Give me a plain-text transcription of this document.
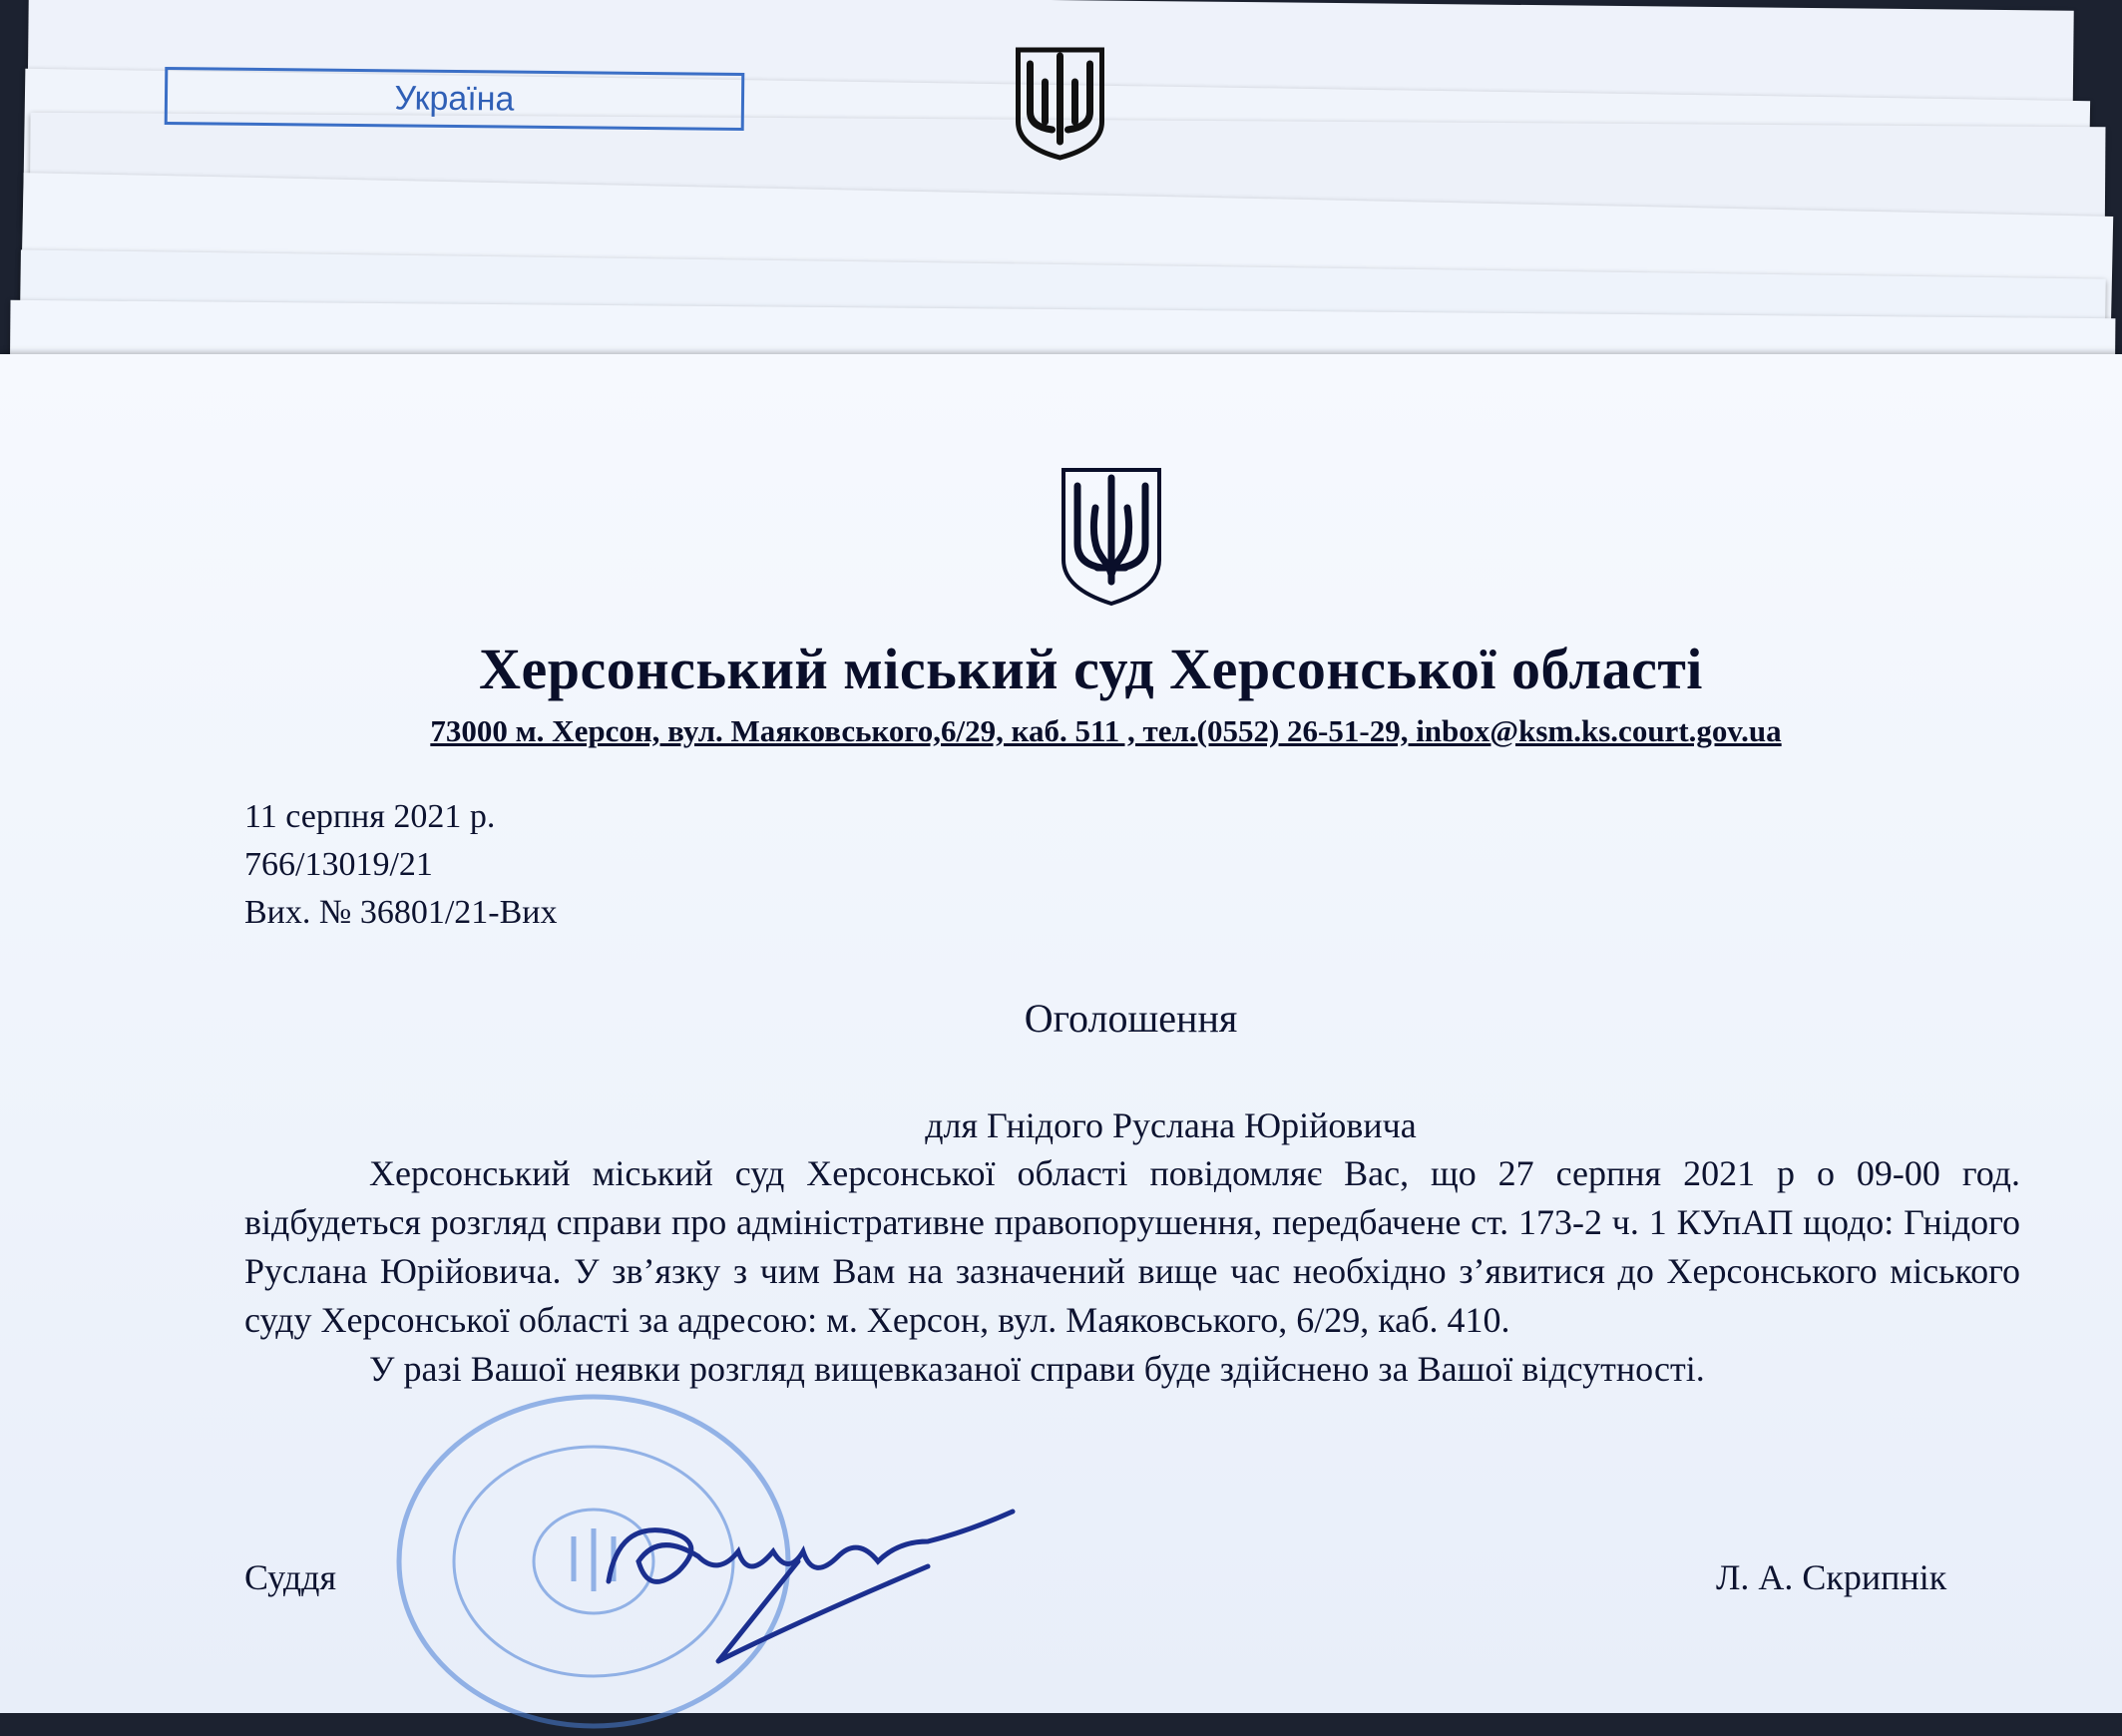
Україна
Херсонський міський суд Херсонської області
73000 м. Херсон, вул. Маяковського,6/29, каб. 511 , тел.(0552) 26-51-29, inbox@ksm.ks.court.gov.ua
11 серпня 2021 р.
766/13019/21
Вих. № 36801/21-Вих
Оголошення
для Гнідого Руслана Юрійовича

Херсонський міський суд Херсонської області повідомляє Вас, що 27 серпня 2021 р о 09-00 год. відбудеться розгляд справи про адміністративне правопорушення, передбачене ст. 173-2 ч. 1 КУпАП щодо: Гнідого Руслана Юрійовича. У зв’язку з чим Вам на зазначений вище час необхідно з’явитися до Херсонського міського суду Херсонської області за адресою: м. Херсон, вул. Маяковського, 6/29, каб. 410.

У разі Вашої неявки розгляд вищевказаної справи буде здійснено за Вашої відсутності.

Суддя	Л. А. Скрипнік
